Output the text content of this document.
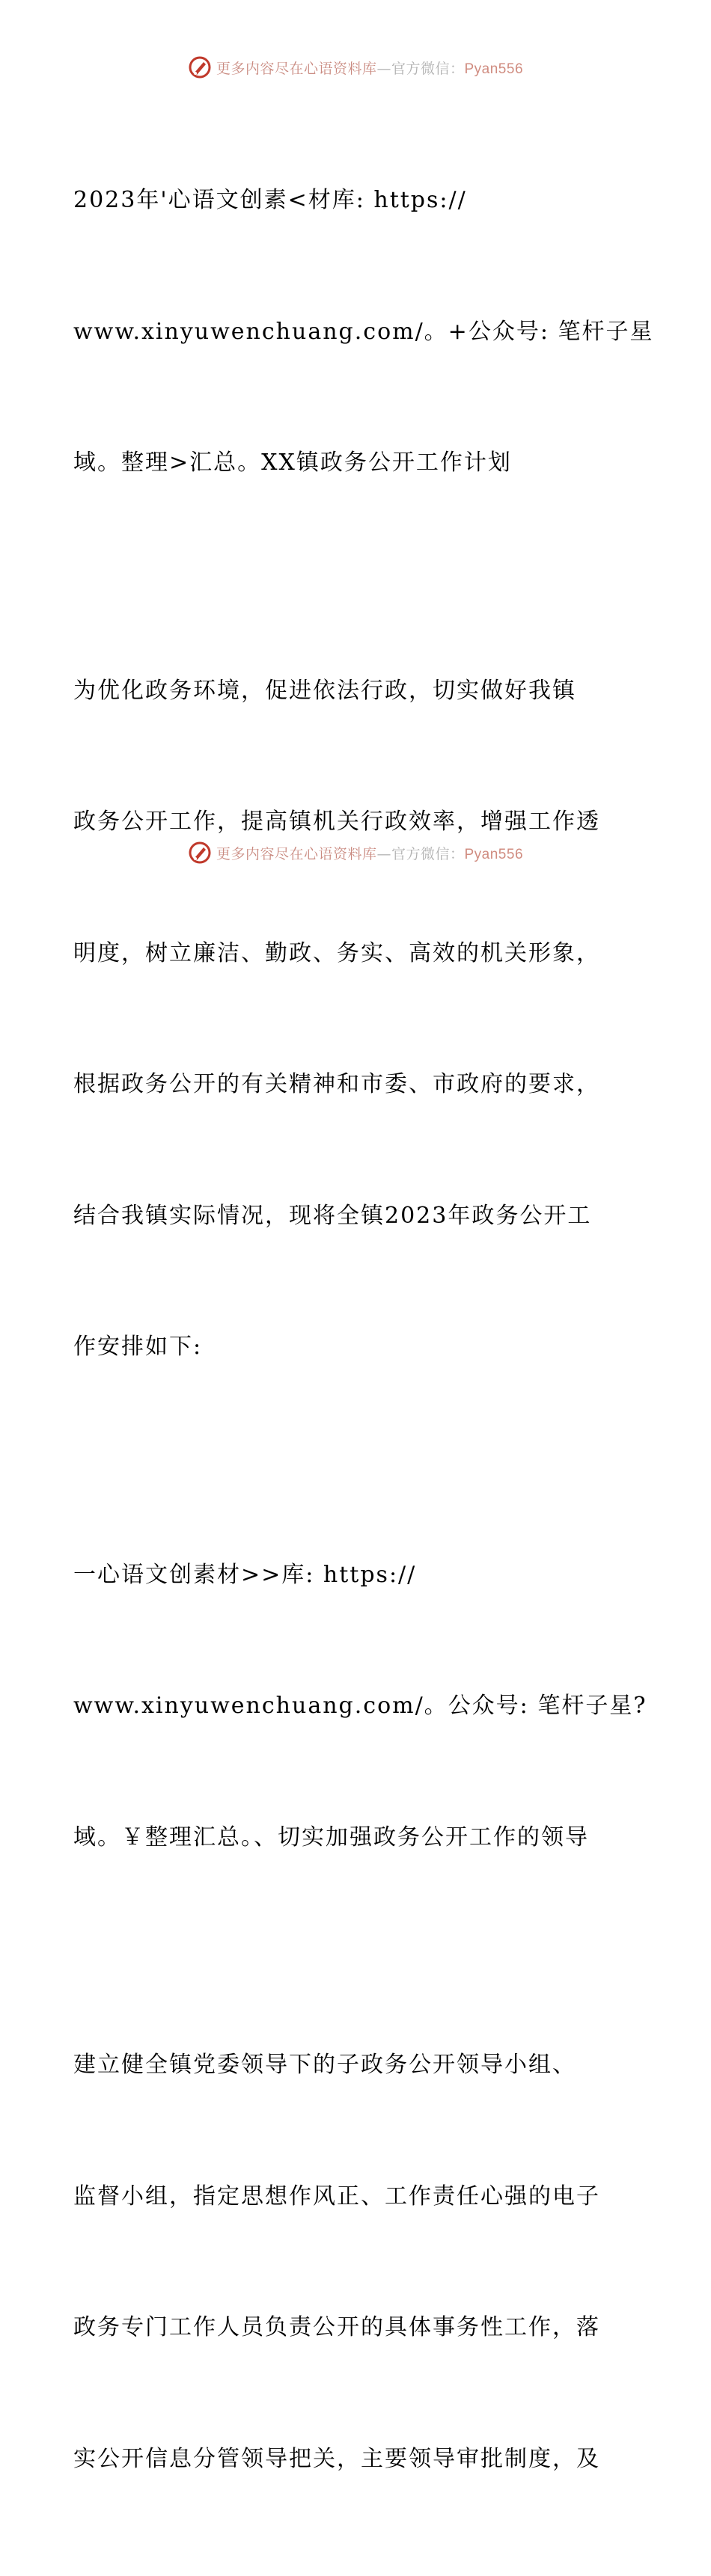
更多内容尽在心语资料库—官方微信：Pyan556

2023年'心语文创素<材库: https://

www.xinyuwenchuang.com/。+公众号: 笔杆子星

域。整理>汇总。XX镇政务公开工作计划

为优化政务环境，促进依法行政，切实做好我镇

政务公开工作，提高镇机关行政效率，增强工作透

明度，树立廉洁、勤政、务实、高效的机关形象，

根据政务公开的有关精神和市委、市政府的要求，

结合我镇实际情况，现将全镇2023年政务公开工

作安排如下:

一心语文创素材>>库: https://

www.xinyuwenchuang.com/。公众号: 笔杆子星?

域。￥整理汇总。、切实加强政务公开工作的领导

建立健全镇党委领导下的子政务公开领导小组、

监督小组，指定思想作风正、工作责任心强的电子

政务专门工作人员负责公开的具体事务性工作，落

实公开信息分管领导把关，主要领导审批制度，及

更多内容尽在心语资料库—官方微信：Pyan556
